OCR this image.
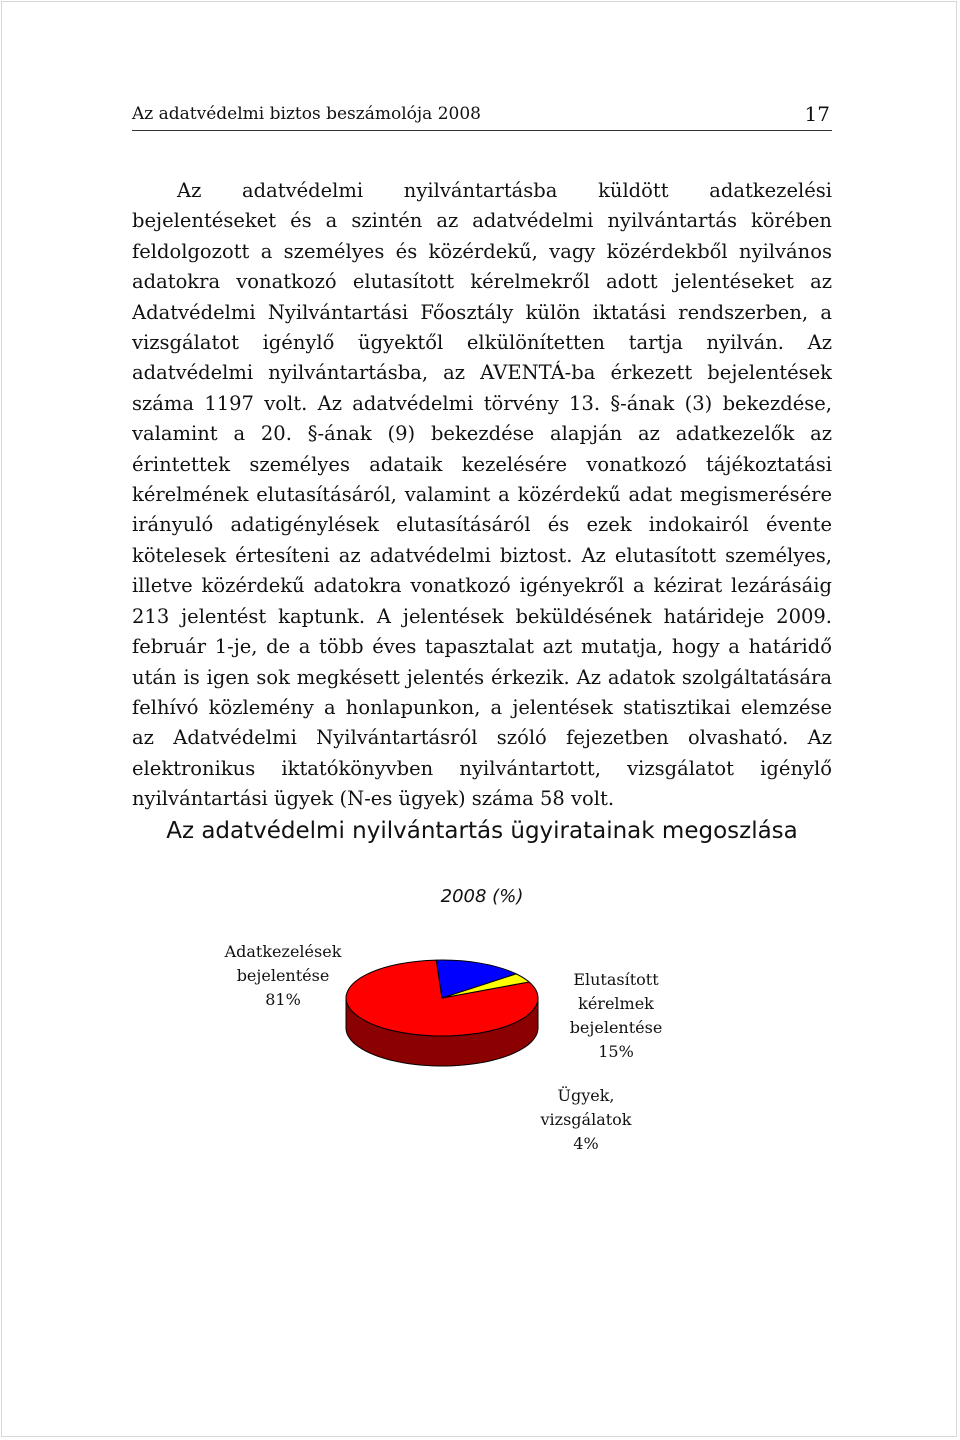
Az adatvédelmi biztos beszámolója 2008	17

Az adatvédelmi nyilvántartásba küldött adatkezelési bejelentéseket és a szintén az adatvédelmi nyilvántartás körében feldolgozott a személyes és közérdekű, vagy közérdekből nyilvános adatokra vonatkozó elutasított kérelmekről adott jelentéseket az Adatvédelmi Nyilvántartási Főosztály külön iktatási rendszerben, a vizsgálatot igénylő ügyektől elkülönítetten tartja nyilván. Az adatvédelmi nyilvántartásba, az AVENTÁ-ba érkezett bejelentések száma 1197 volt. Az adatvédelmi törvény 13. §-ának (3) bekezdése, valamint a 20. §-ának (9) bekezdése alapján az adatkezelők az érintettek személyes adataik kezelésére vonatkozó tájékoztatási kérelmének elutasításáról, valamint a közérdekű adat megismerésére irányuló adatigénylések elutasításáról és ezek indokairól évente kötelesek értesíteni az adatvédelmi biztost. Az elutasított személyes, illetve közérdekű adatokra vonatkozó igényekről a kézirat lezárásáig 213 jelentést kaptunk. A jelentések beküldésének határideje 2009. február 1-je, de a több éves tapasztalat azt mutatja, hogy a határidő után is igen sok megkésett jelentés érkezik. Az adatok szolgáltatására felhívó közlemény a honlapunkon, a jelentések statisztikai elemzése az Adatvédelmi Nyilvántartásról szóló fejezetben olvasható. Az elektronikus iktatókönyvben nyilvántartott, vizsgálatot igénylő nyilvántartási ügyek (N-es ügyek) száma 58 volt.

Az adatvédelmi nyilvántartás ügyiratainak megoszlása
2008 (%)
Adatkezelések
bejelentése
81%
Elutasított
kérelmek
bejelentése
15%
Ügyek,
vizsgálatok
4%
